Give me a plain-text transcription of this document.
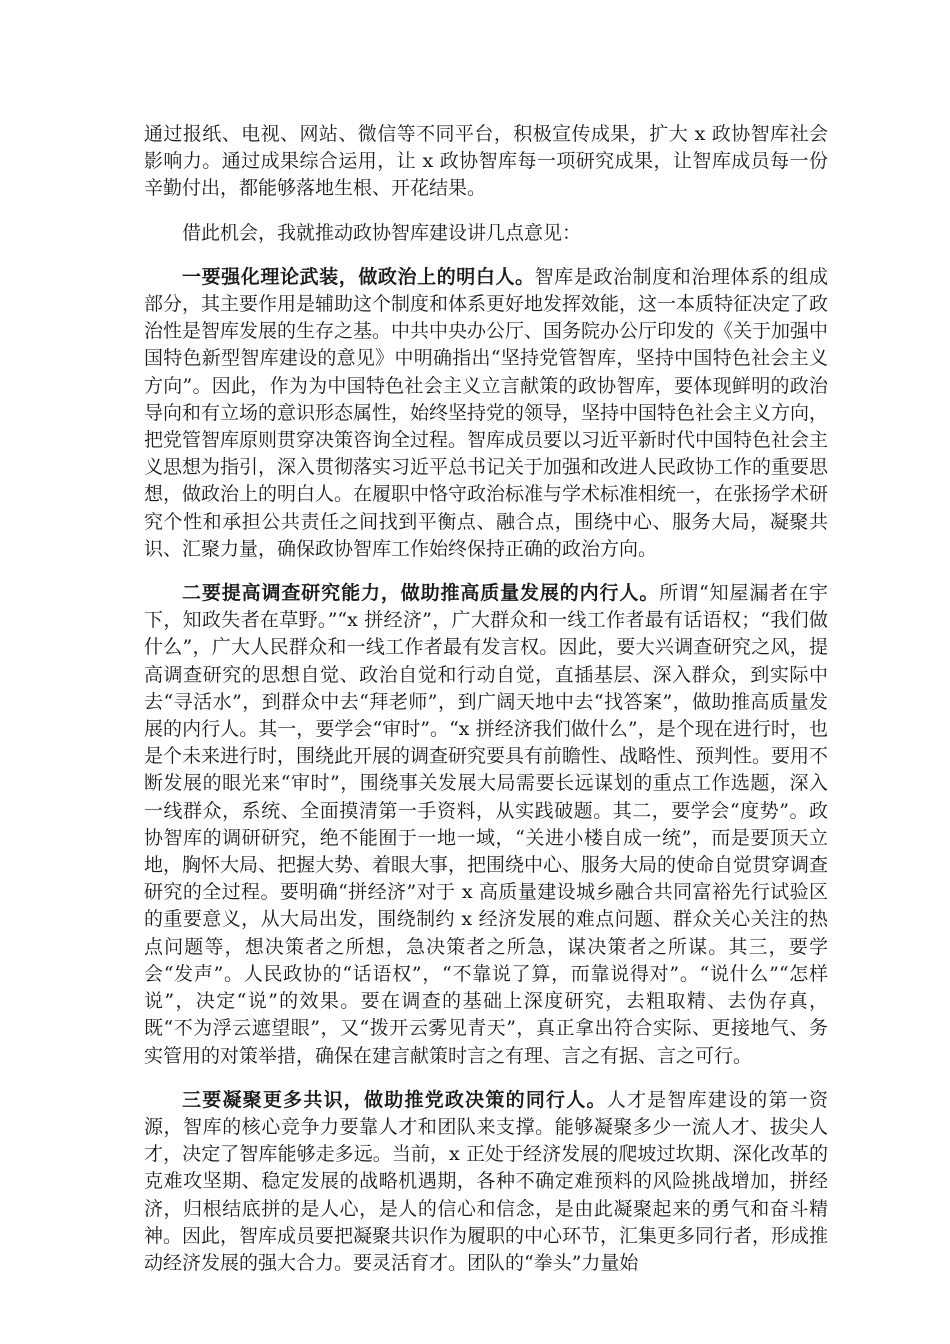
通过报纸、电视、网站、微信等不同平台，积极宣传成果，扩大 x 政协智库社会影响力。通过成果综合运用，让 x 政协智库每一项研究成果，让智库成员每一份辛勤付出，都能够落地生根、开花结果。

借此机会，我就推动政协智库建设讲几点意见：

一要强化理论武装，做政治上的明白人。智库是政治制度和治理体系的组成部分，其主要作用是辅助这个制度和体系更好地发挥效能，这一本质特征决定了政治性是智库发展的生存之基。中共中央办公厅、国务院办公厅印发的《关于加强中国特色新型智库建设的意见》中明确指出“坚持党管智库，坚持中国特色社会主义方向”。因此，作为为中国特色社会主义立言献策的政协智库，要体现鲜明的政治导向和有立场的意识形态属性，始终坚持党的领导，坚持中国特色社会主义方向，把党管智库原则贯穿决策咨询全过程。智库成员要以习近平新时代中国特色社会主义思想为指引，深入贯彻落实习近平总书记关于加强和改进人民政协工作的重要思想，做政治上的明白人。在履职中恪守政治标准与学术标准相统一，在张扬学术研究个性和承担公共责任之间找到平衡点、融合点，围绕中心、服务大局，凝聚共识、汇聚力量，确保政协智库工作始终保持正确的政治方向。

二要提高调查研究能力，做助推高质量发展的内行人。所谓“知屋漏者在宇下，知政失者在草野。”“x 拼经济”，广大群众和一线工作者最有话语权；“我们做什么”，广大人民群众和一线工作者最有发言权。因此，要大兴调查研究之风，提高调查研究的思想自觉、政治自觉和行动自觉，直插基层、深入群众，到实际中去“寻活水”，到群众中去“拜老师”，到广阔天地中去“找答案”，做助推高质量发展的内行人。其一，要学会“审时”。“x 拼经济我们做什么”，是个现在进行时，也是个未来进行时，围绕此开展的调查研究要具有前瞻性、战略性、预判性。要用不断发展的眼光来“审时”，围绕事关发展大局需要长远谋划的重点工作选题，深入一线群众，系统、全面摸清第一手资料，从实践破题。其二，要学会“度势”。政协智库的调研研究，绝不能囿于一地一域，“关进小楼自成一统”，而是要顶天立地，胸怀大局、把握大势、着眼大事，把围绕中心、服务大局的使命自觉贯穿调查研究的全过程。要明确“拼经济”对于 x 高质量建设城乡融合共同富裕先行试验区的重要意义，从大局出发，围绕制约 x 经济发展的难点问题、群众关心关注的热点问题等，想决策者之所想，急决策者之所急，谋决策者之所谋。其三，要学会“发声”。人民政协的“话语权”，“不靠说了算，而靠说得对”。“说什么”“怎样说”，决定“说”的效果。要在调查的基础上深度研究，去粗取精、去伪存真，既“不为浮云遮望眼”，又“拨开云雾见青天”，真正拿出符合实际、更接地气、务实管用的对策举措，确保在建言献策时言之有理、言之有据、言之可行。

三要凝聚更多共识，做助推党政决策的同行人。人才是智库建设的第一资源，智库的核心竞争力要靠人才和团队来支撑。能够凝聚多少一流人才、拔尖人才，决定了智库能够走多远。当前，x 正处于经济发展的爬坡过坎期、深化改革的克难攻坚期、稳定发展的战略机遇期，各种不确定难预料的风险挑战增加，拼经济，归根结底拼的是人心，是人的信心和信念，是由此凝聚起来的勇气和奋斗精神。因此，智库成员要把凝聚共识作为履职的中心环节，汇集更多同行者，形成推动经济发展的强大合力。要灵活育才。团队的“拳头”力量始
